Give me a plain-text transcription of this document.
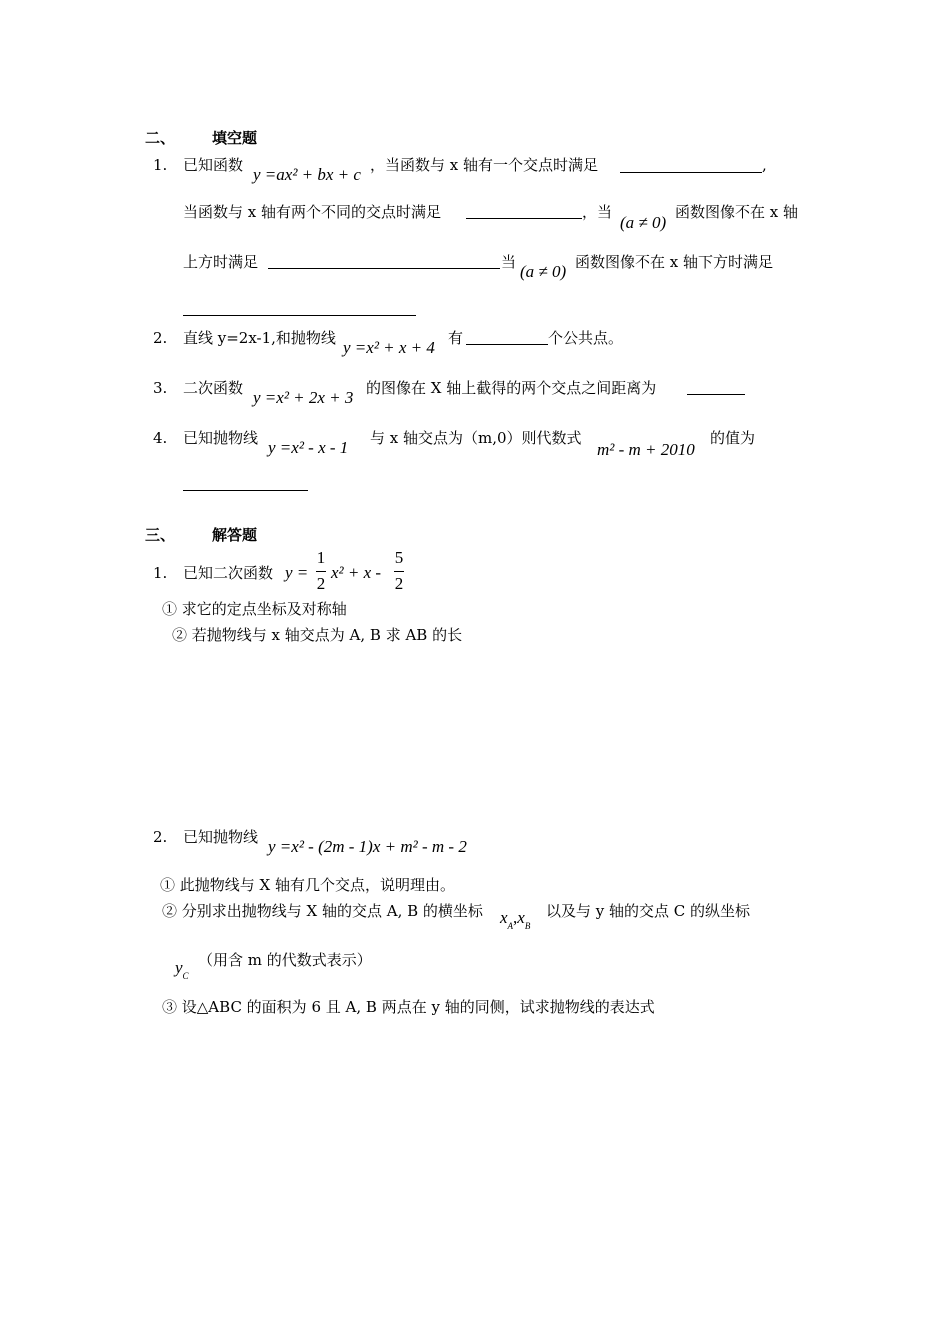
二、 填空题
1. 已知函数 y =ax² + bx + c ，当函数与 x 轴有一个交点时满足	,
当函数与 x 轴有两个不同的交点时满足	，当
(a ≠ 0)
函数图像不在 x 轴
上方时满足	当 (a ≠ 0) 函数图像不在 x 轴下方时满足
2. 直线 y=2x-1,和抛物线 y =x² + x + 4 有	个公共点。
3. 二次函数 y =x² + 2x + 3 的图像在 X 轴上截得的两个交点之间距离为
4. 已知抛物线 y =x² - x - 1 与 x 轴交点为（m,0）则代数式
m² - m + 2010
的值为
三、 解答题
1. 已知二次函数 y =
1
2
x² + x -
5
2
① 求它的定点坐标及对称轴
② 若抛物线与 x 轴交点为 A, B 求 AB 的长
2. 已知抛物线 y =x² - (2m - 1)x + m² - m - 2
① 此抛物线与 X 轴有几个交点，说明理由。
② 分别求出抛物线与 X 轴的交点 A, B 的横坐标 $x_A,x_B$
以及与 y 轴的交点 C 的纵坐标
$y_C$
（用含 m 的代数式表示）
③ 设△ABC 的面积为 6 且 A, B 两点在 y 轴的同侧，试求抛物线的表达式
